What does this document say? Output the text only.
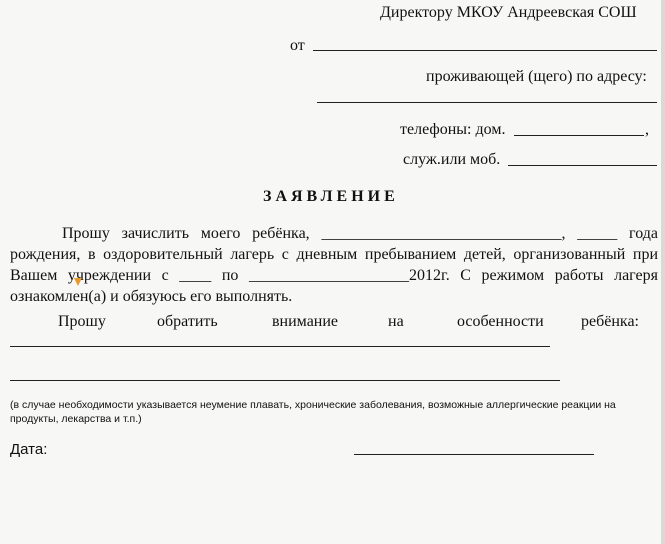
Директору МКОУ Андреевская СОШ
от
проживающей (щего) по адресу:
телефоны: дом.	,
служ.или моб.
ЗАЯВЛЕНИЕ
Прошу зачислить моего ребёнка, ______________________________, _____ года рождения, в оздоровительный лагерь с дневным пребыванием детей, организованный при Вашем учреждении с ____ по ____________________2012г. С режимом работы лагеря ознакомлен(а) и обязуюсь его выполнять.
Прошу	обратить	внимание	на	особенности ребёнка:
(в случае необходимости указывается неумение плавать, хронические заболевания, возможные аллергические реакции на продукты, лекарства и т.п.)
Дата:
